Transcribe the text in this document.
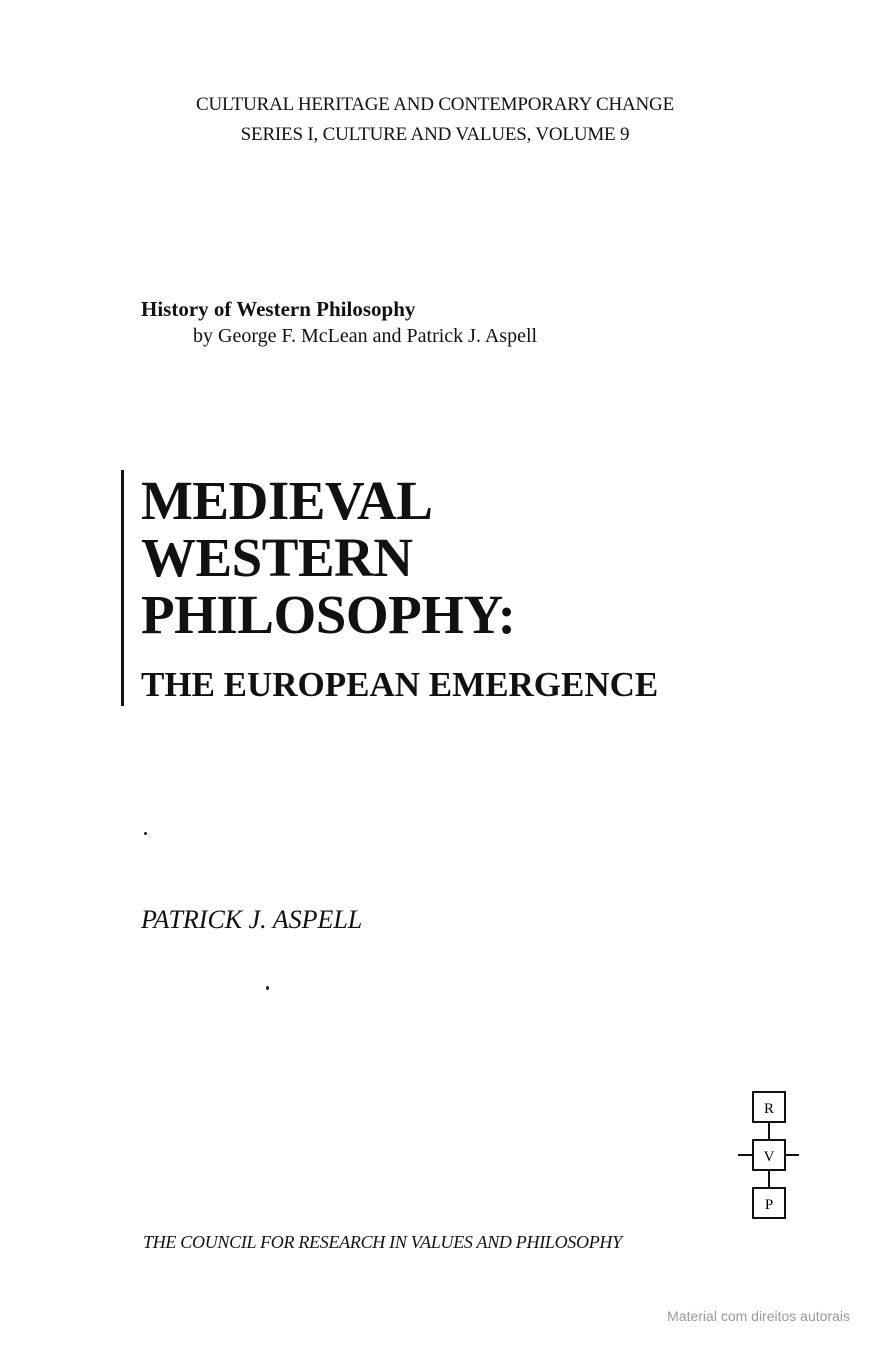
CULTURAL HERITAGE AND CONTEMPORARY CHANGE
SERIES I, CULTURE AND VALUES, VOLUME 9
History of Western Philosophy
by George F. McLean and Patrick J. Aspell
MEDIEVAL
WESTERN
PHILOSOPHY:
THE EUROPEAN EMERGENCE
PATRICK J. ASPELL
R
V
P
THE COUNCIL FOR RESEARCH IN VALUES AND PHILOSOPHY
Material com direitos autorais
